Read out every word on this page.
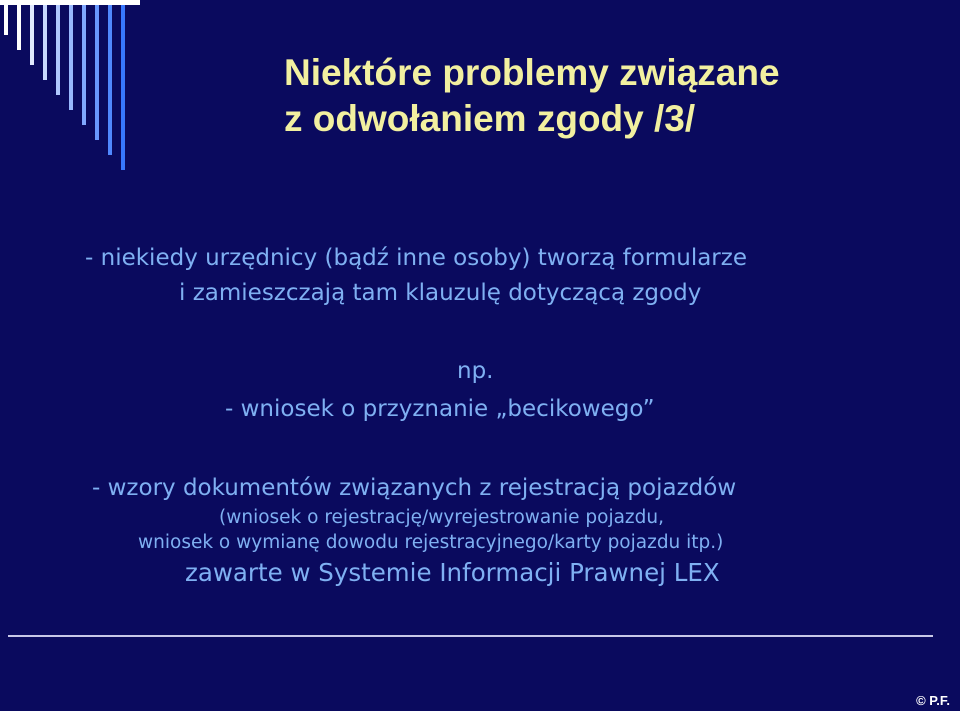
Niektóre problemy związane
z odwołaniem zgody /3/
- niekiedy urzędnicy (bądź inne osoby) tworzą formularze
i zamieszczają tam klauzulę dotyczącą zgody
np.
- wniosek o przyznanie „becikowego”
- wzory dokumentów związanych z rejestracją pojazdów
(wniosek o rejestrację/wyrejestrowanie pojazdu,
wniosek o wymianę dowodu rejestracyjnego/karty pojazdu itp.)
zawarte w Systemie Informacji Prawnej LEX
© P.F.
